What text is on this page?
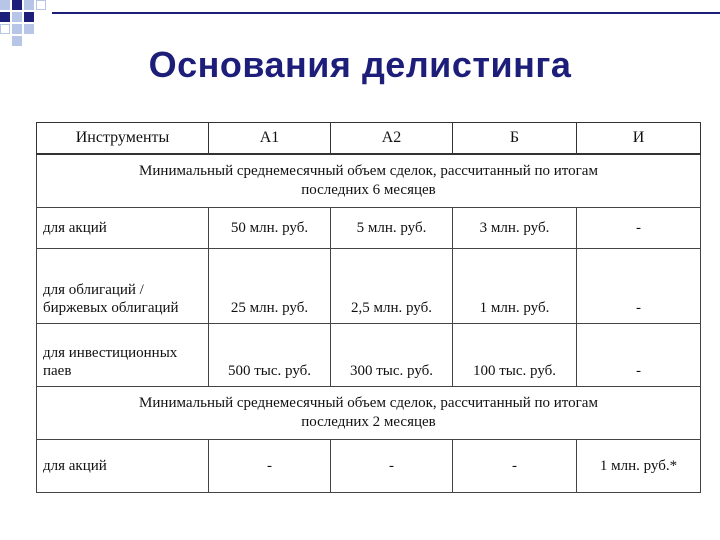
Основания делистинга
Инструменты	А1	А2	Б	И

Минимальный среднемесячный объем сделок, рассчитанный по итогам
последних 6 месяцев				

для акций	50 млн. руб.	5 млн. руб.	3 млн. руб.	-

для облигаций /
биржевых облигаций	25 млн. руб.	2,5 млн. руб.	1 млн. руб.	-

для инвестиционных
паев	500 тыс. руб.	300 тыс. руб.	100 тыс. руб.	-

Минимальный среднемесячный объем сделок, рассчитанный по итогам
последних 2 месяцев				

для акций	-	-	-	1 млн. руб.*
